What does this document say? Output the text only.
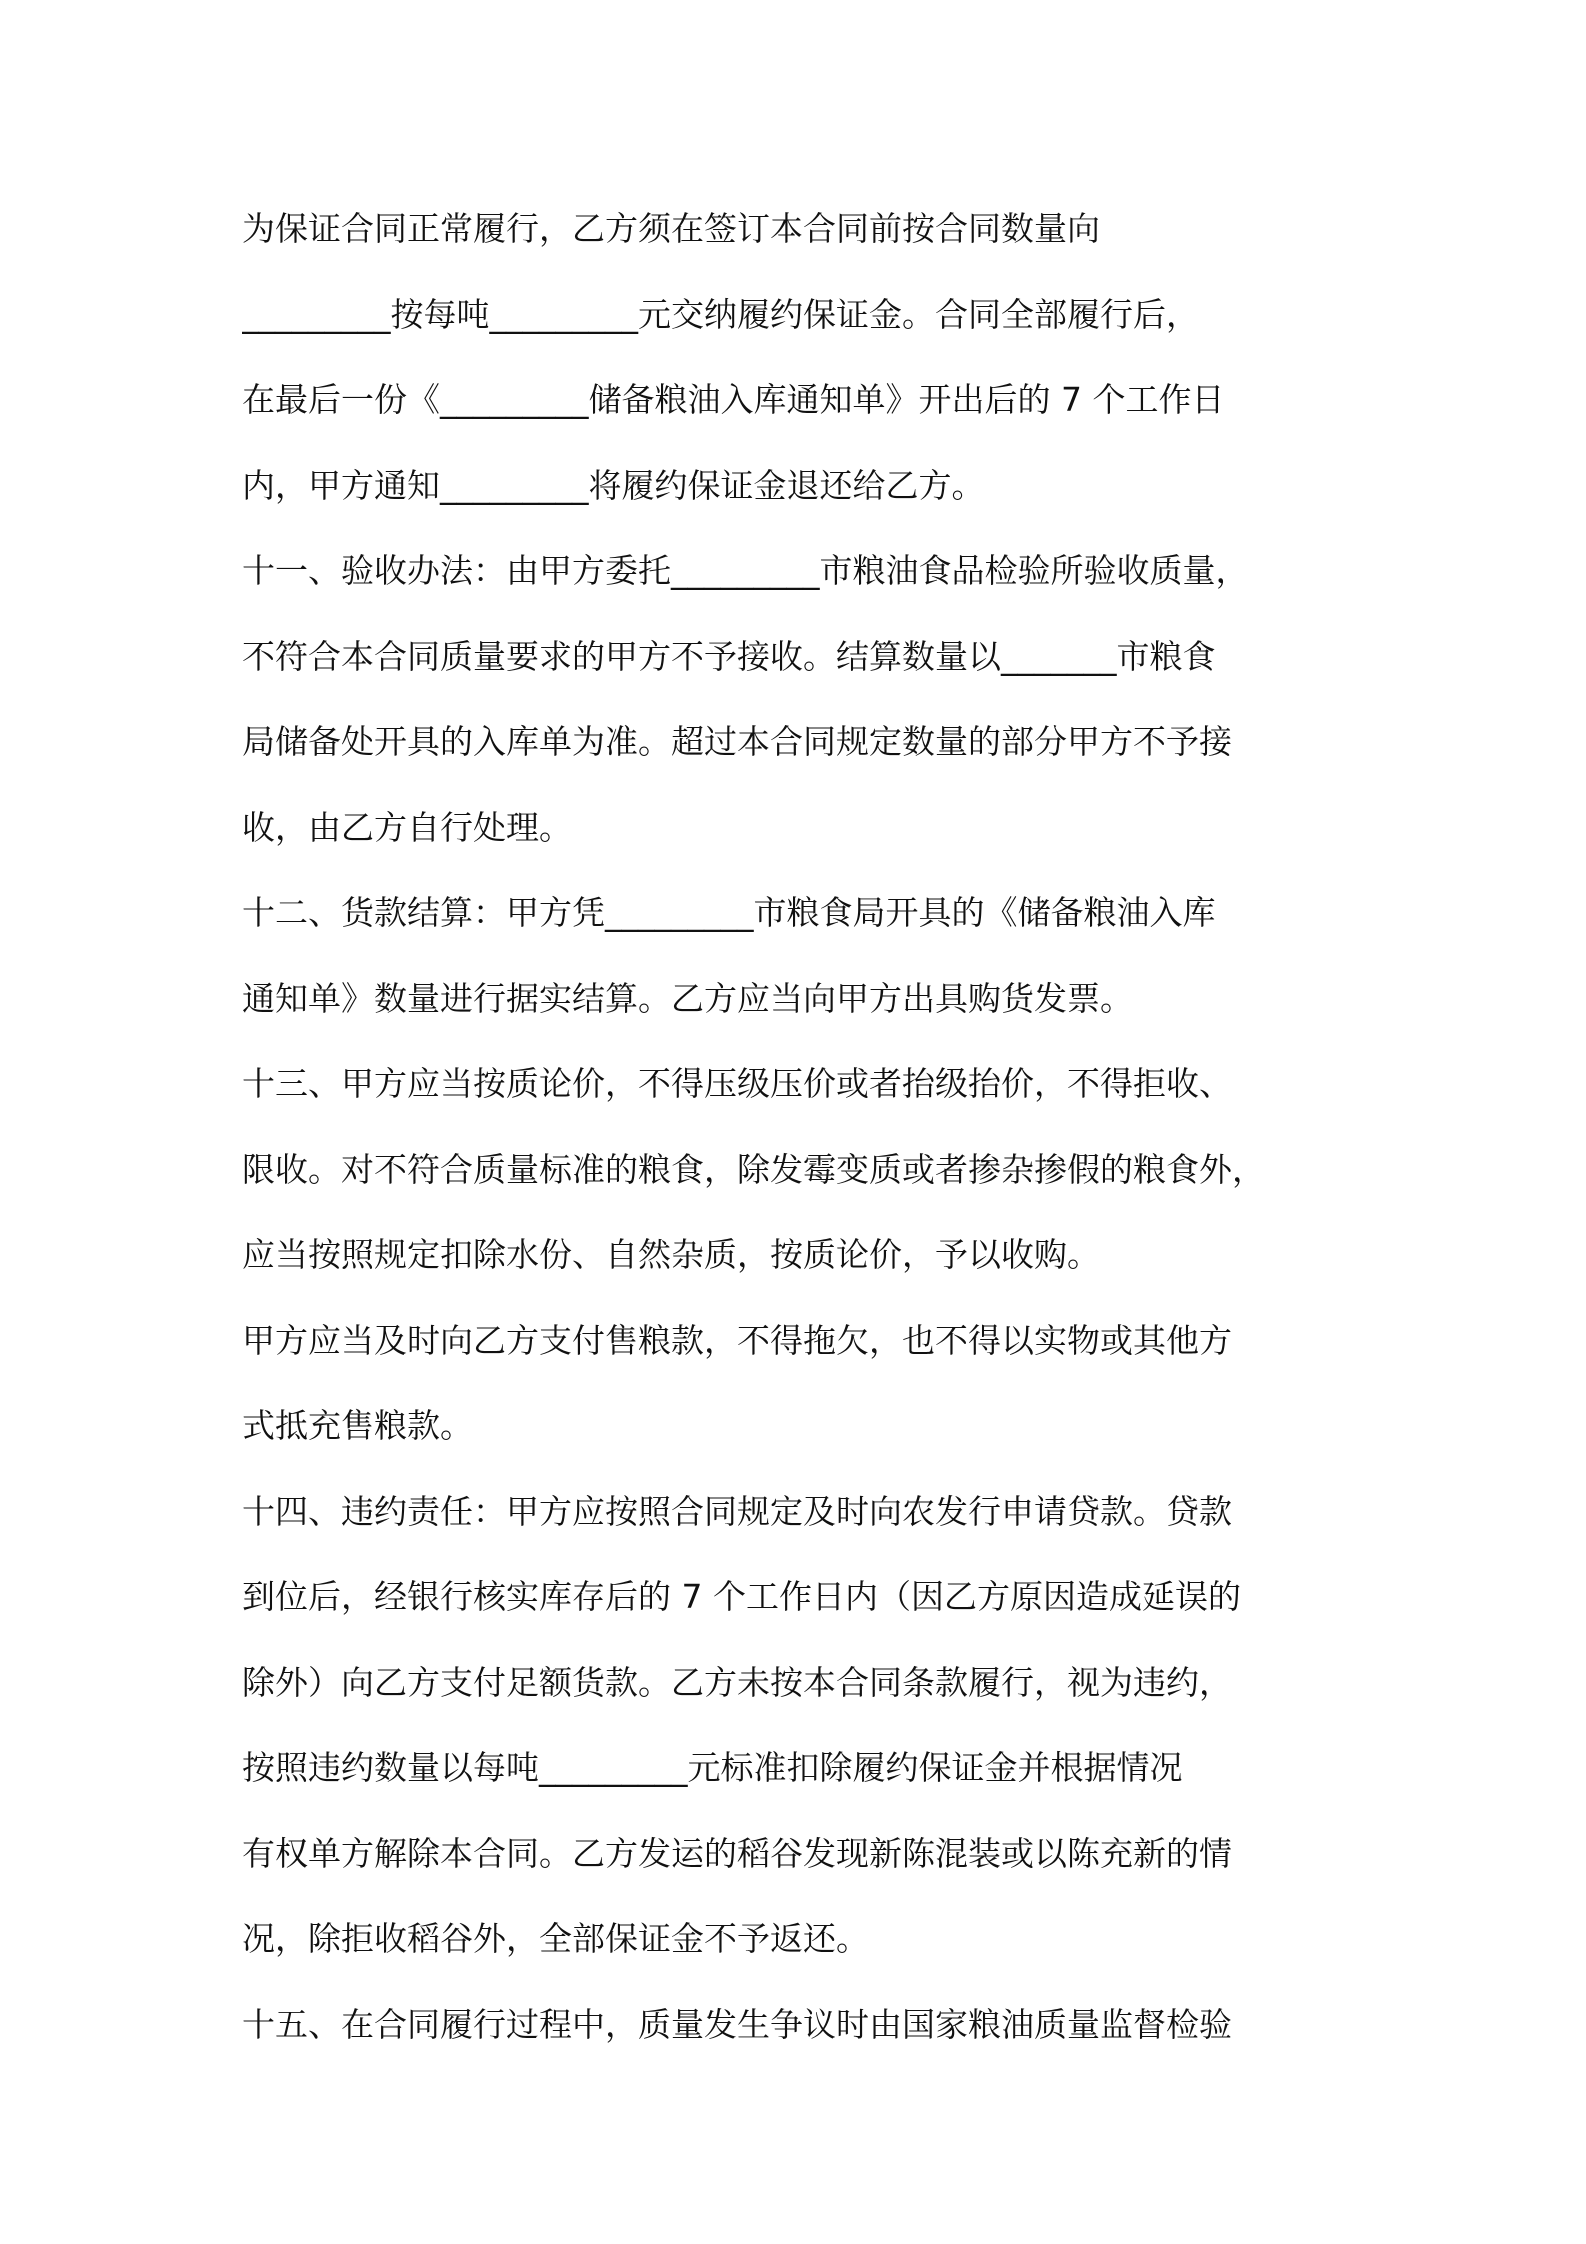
为保证合同正常履行，乙方须在签订本合同前按合同数量向
_________按每吨_________元交纳履约保证金。合同全部履行后，
在最后一份《_________储备粮油入库通知单》开出后的 7 个工作日
内，甲方通知_________将履约保证金退还给乙方。
十一、验收办法：由甲方委托_________市粮油食品检验所验收质量，
不符合本合同质量要求的甲方不予接收。结算数量以_______市粮食
局储备处开具的入库单为准。超过本合同规定数量的部分甲方不予接
收，由乙方自行处理。
十二、货款结算：甲方凭_________市粮食局开具的《储备粮油入库
通知单》数量进行据实结算。乙方应当向甲方出具购货发票。
十三、甲方应当按质论价，不得压级压价或者抬级抬价，不得拒收、
限收。对不符合质量标准的粮食，除发霉变质或者掺杂掺假的粮食外，
应当按照规定扣除水份、自然杂质，按质论价，予以收购。
甲方应当及时向乙方支付售粮款，不得拖欠，也不得以实物或其他方
式抵充售粮款。
十四、违约责任：甲方应按照合同规定及时向农发行申请贷款。贷款
到位后，经银行核实库存后的 7 个工作日内（因乙方原因造成延误的
除外）向乙方支付足额货款。乙方未按本合同条款履行，视为违约，
按照违约数量以每吨_________元标准扣除履约保证金并根据情况
有权单方解除本合同。乙方发运的稻谷发现新陈混装或以陈充新的情
况，除拒收稻谷外，全部保证金不予返还。
十五、在合同履行过程中，质量发生争议时由国家粮油质量监督检验
